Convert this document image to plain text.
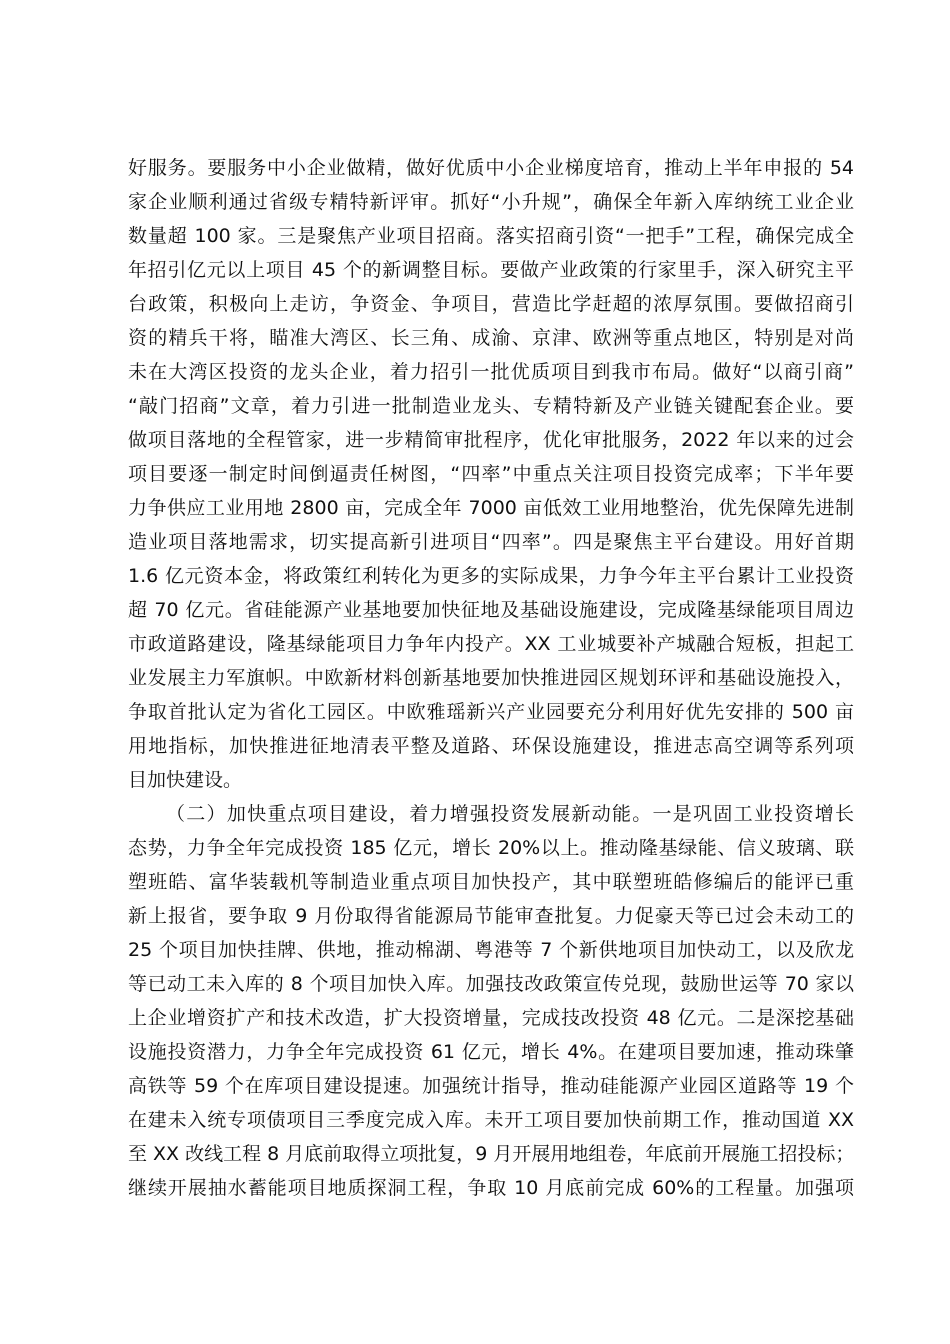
好服务。要服务中小企业做精，做好优质中小企业梯度培育，推动上半年申报的 54
家企业顺利通过省级专精特新评审。抓好“小升规”，确保全年新入库纳统工业企业
数量超 100 家。三是聚焦产业项目招商。落实招商引资“一把手”工程，确保完成全
年招引亿元以上项目 45 个的新调整目标。要做产业政策的行家里手，深入研究主平
台政策，积极向上走访，争资金、争项目，营造比学赶超的浓厚氛围。要做招商引
资的精兵干将，瞄准大湾区、长三角、成渝、京津、欧洲等重点地区，特别是对尚
未在大湾区投资的龙头企业，着力招引一批优质项目到我市布局。做好“以商引商”
“敲门招商”文章，着力引进一批制造业龙头、专精特新及产业链关键配套企业。要
做项目落地的全程管家，进一步精简审批程序，优化审批服务，2022 年以来的过会
项目要逐一制定时间倒逼责任树图，“四率”中重点关注项目投资完成率；下半年要
力争供应工业用地 2800 亩，完成全年 7000 亩低效工业用地整治，优先保障先进制
造业项目落地需求，切实提高新引进项目“四率”。四是聚焦主平台建设。用好首期
1.6 亿元资本金，将政策红利转化为更多的实际成果，力争今年主平台累计工业投资
超 70 亿元。省硅能源产业基地要加快征地及基础设施建设，完成隆基绿能项目周边
市政道路建设，隆基绿能项目力争年内投产。XX 工业城要补产城融合短板，担起工
业发展主力军旗帜。中欧新材料创新基地要加快推进园区规划环评和基础设施投入，
争取首批认定为省化工园区。中欧雅瑶新兴产业园要充分利用好优先安排的 500 亩
用地指标，加快推进征地清表平整及道路、环保设施建设，推进志高空调等系列项
目加快建设。
（二）加快重点项目建设，着力增强投资发展新动能。一是巩固工业投资增长
态势，力争全年完成投资 185 亿元，增长 20%以上。推动隆基绿能、信义玻璃、联
塑班皓、富华装载机等制造业重点项目加快投产，其中联塑班皓修编后的能评已重
新上报省，要争取 9 月份取得省能源局节能审查批复。力促豪天等已过会未动工的
25 个项目加快挂牌、供地，推动棉湖、粤港等 7 个新供地项目加快动工，以及欣龙
等已动工未入库的 8 个项目加快入库。加强技改政策宣传兑现，鼓励世运等 70 家以
上企业增资扩产和技术改造，扩大投资增量，完成技改投资 48 亿元。二是深挖基础
设施投资潜力，力争全年完成投资 61 亿元，增长 4%。在建项目要加速，推动珠肇
高铁等 59 个在库项目建设提速。加强统计指导，推动硅能源产业园区道路等 19 个
在建未入统专项债项目三季度完成入库。未开工项目要加快前期工作，推动国道 XX
至 XX 改线工程 8 月底前取得立项批复，9 月开展用地组卷，年底前开展施工招投标；
继续开展抽水蓄能项目地质探洞工程，争取 10 月底前完成 60%的工程量。加强项
